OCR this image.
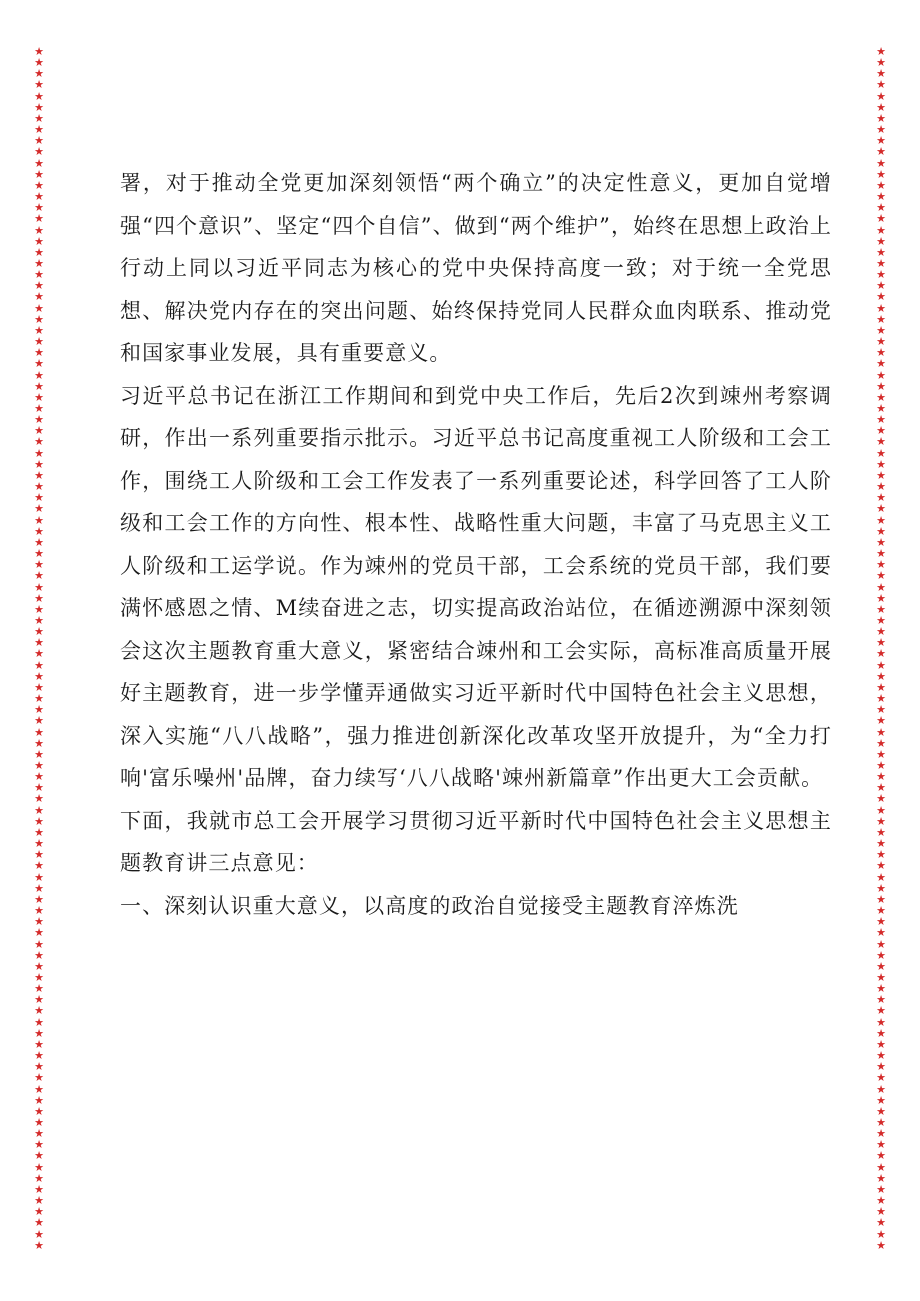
★★★★★★★★★★★★★★★★★★★★★★★★★★★★★★★★★★★★★★★★★★★★★★★★★★★★★★★★★★★★★★★★★★★★★★★★★★★★★★★★★★★★★★★★★★★★★★★★★★★★★★★★★★★★
★★★★★★★★★★★★★★★★★★★★★★★★★★★★★★★★★★★★★★★★★★★★★★★★★★★★★★★★★★★★★★★★★★★★★★★★★★★★★★★★★★★★★★★★★★★★★★★★★★★★★★★★★★★★

署，对于推动全党更加深刻领悟“两个确立”的决定性意义，更加自觉增强“四个意识”、坚定“四个自信”、做到“两个维护”，始终在思想上政治上行动上同以习近平同志为核心的党中央保持高度一致；对于统一全党思想、解决党内存在的突出问题、始终保持党同人民群众血肉联系、推动党和国家事业发展，具有重要意义。

习近平总书记在浙江工作期间和到党中央工作后，先后2次到竦州考察调研，作出一系列重要指示批示。习近平总书记高度重视工人阶级和工会工作，围绕工人阶级和工会工作发表了一系列重要论述，科学回答了工人阶级和工会工作的方向性、根本性、战略性重大问题，丰富了马克思主义工人阶级和工运学说。作为竦州的党员干部，工会系统的党员干部，我们要满怀感恩之情、M续奋进之志，切实提高政治站位，在循迹溯源中深刻领会这次主题教育重大意义，紧密结合竦州和工会实际，高标准高质量开展好主题教育，进一步学懂弄通做实习近平新时代中国特色社会主义思想，深入实施“八八战略”，强力推进创新深化改革攻坚开放提升，为“全力打响'富乐噪州'品牌，奋力续写‘八八战略'竦州新篇章”作出更大工会贡献。

下面，我就市总工会开展学习贯彻习近平新时代中国特色社会主义思想主题教育讲三点意见：

一、深刻认识重大意义，以高度的政治自觉接受主题教育淬炼洗
